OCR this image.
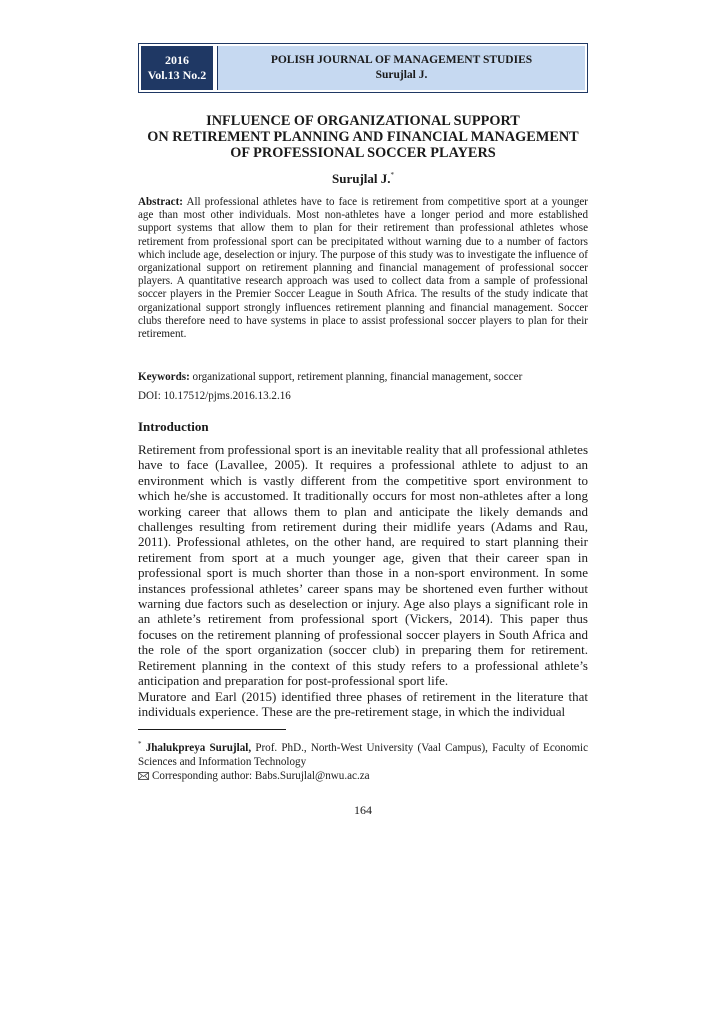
2016
Vol.13 No.2
POLISH JOURNAL OF MANAGEMENT STUDIES
Surujlal J.
INFLUENCE OF ORGANIZATIONAL SUPPORT
ON RETIREMENT PLANNING AND FINANCIAL MANAGEMENT
OF PROFESSIONAL SOCCER PLAYERS
Surujlal J.*
Abstract: All professional athletes have to face is retirement from competitive sport at a younger age than most other individuals. Most non-athletes have a longer period and more established support systems that allow them to plan for their retirement than professional athletes whose retirement from professional sport can be precipitated without warning due to a number of factors which include age, deselection or injury. The purpose of this study was to investigate the influence of organizational support on retirement planning and financial management of professional soccer players. A quantitative research approach was used to collect data from a sample of professional soccer players in the Premier Soccer League in South Africa. The results of the study indicate that organizational support strongly influences retirement planning and financial management. Soccer clubs therefore need to have systems in place to assist professional soccer players to plan for their retirement.
Keywords: organizational support, retirement planning, financial management, soccer
DOI: 10.17512/pjms.2016.13.2.16
Introduction

Retirement from professional sport is an inevitable reality that all professional athletes have to face (Lavallee, 2005). It requires a professional athlete to adjust to an environment which is vastly different from the competitive sport environment to which he/she is accustomed. It traditionally occurs for most non-athletes after a long working career that allows them to plan and anticipate the likely demands and challenges resulting from retirement during their midlife years (Adams and Rau, 2011). Professional athletes, on the other hand, are required to start planning their retirement from sport at a much younger age, given that their career span in professional sport is much shorter than those in a non-sport environment. In some instances professional athletes’ career spans may be shortened even further without warning due factors such as deselection or injury. Age also plays a significant role in an athlete’s retirement from professional sport (Vickers, 2014). This paper thus focuses on the retirement planning of professional soccer players in South Africa and the role of the sport organization (soccer club) in preparing them for retirement. Retirement planning in the context of this study refers to a professional athlete’s anticipation and preparation for post-professional sport life.

Muratore and Earl (2015) identified three phases of retirement in the literature that individuals experience. These are the pre-retirement stage, in which the individual

* Jhalukpreya Surujlal, Prof. PhD., North-West University (Vaal Campus), Faculty of Economic Sciences and Information Technology
Corresponding author: Babs.Surujlal@nwu.ac.za
164
